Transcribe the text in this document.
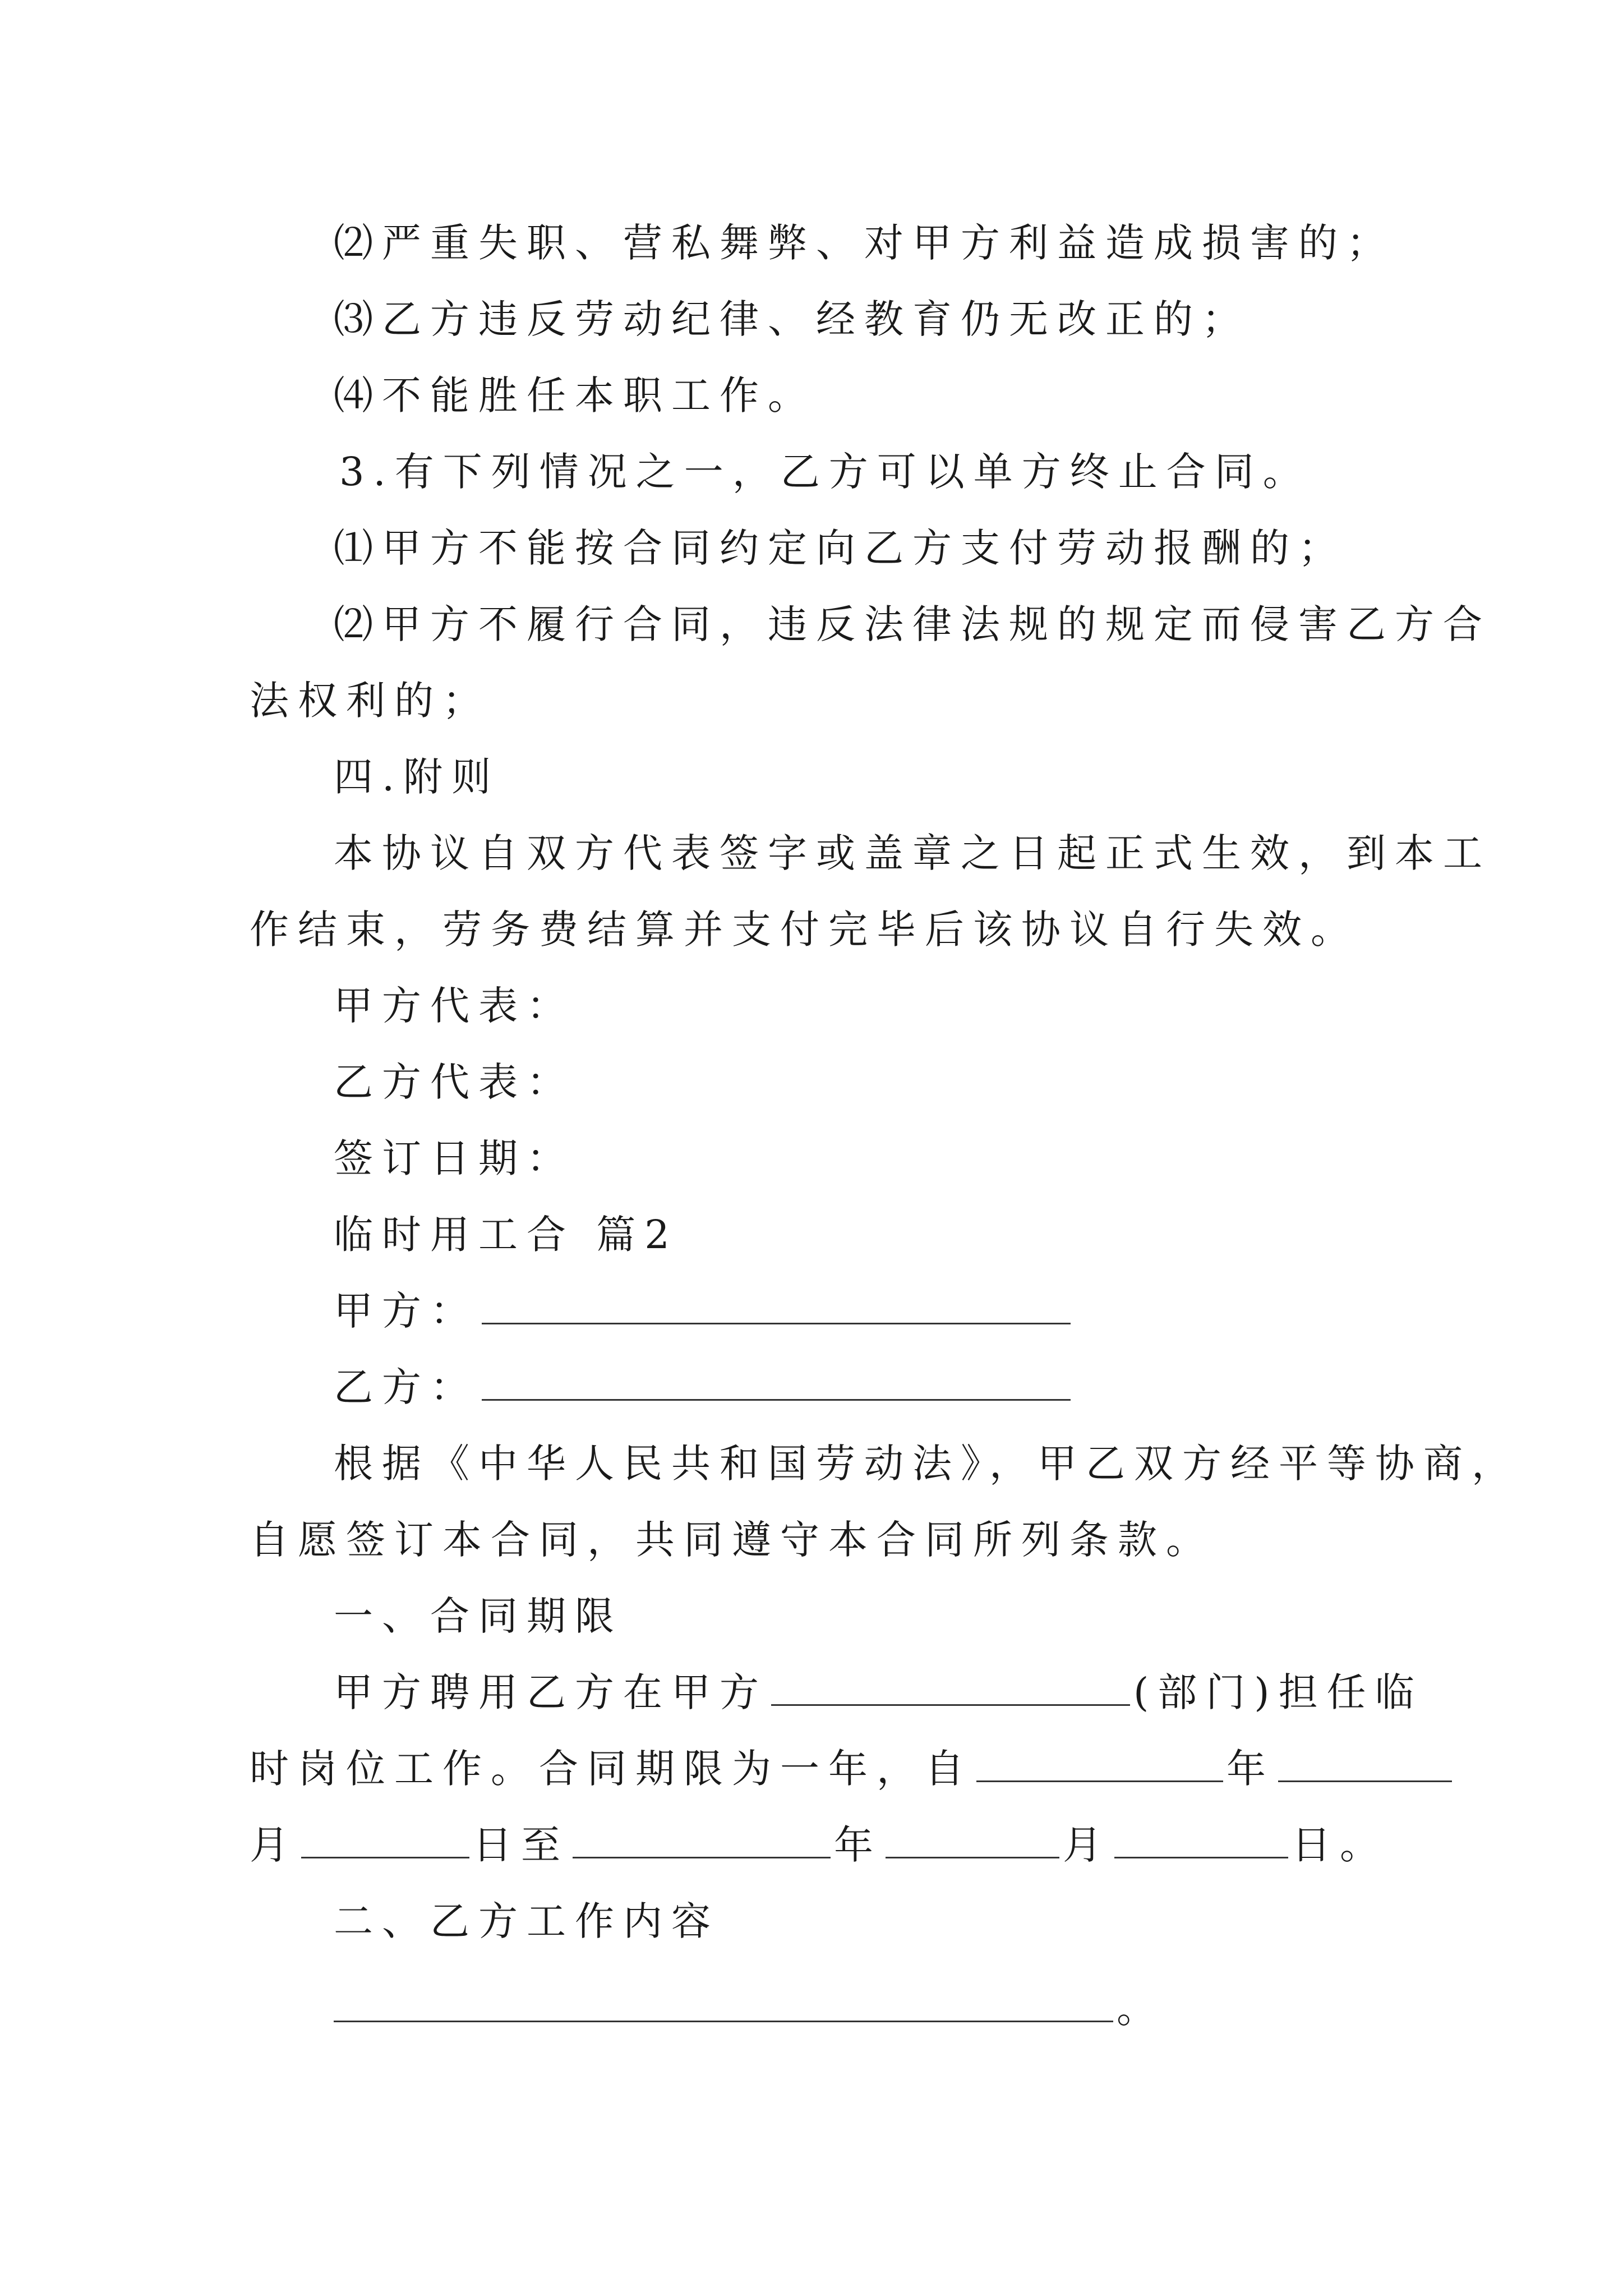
⑵严重失职、营私舞弊、对甲方利益造成损害的；
⑶乙方违反劳动纪律、经教育仍无改正的；
⑷不能胜任本职工作。
3.有下列情况之一，乙方可以单方终止合同。
⑴甲方不能按合同约定向乙方支付劳动报酬的；
⑵甲方不履行合同，违反法律法规的规定而侵害乙方合
法权利的；
四.附则
本协议自双方代表签字或盖章之日起正式生效，到本工
作结束，劳务费结算并支付完毕后该协议自行失效。
甲方代表：
乙方代表：
签订日期：
临时用工合 篇2
甲方：
乙方：
根据《中华人民共和国劳动法》，甲乙双方经平等协商，
自愿签订本合同，共同遵守本合同所列条款。
一、合同期限
甲方聘用乙方在甲方	(部门)担任临
时岗位工作。合同期限为一年，自	年
月	日至	年	月	日。
二、乙方工作内容
。
